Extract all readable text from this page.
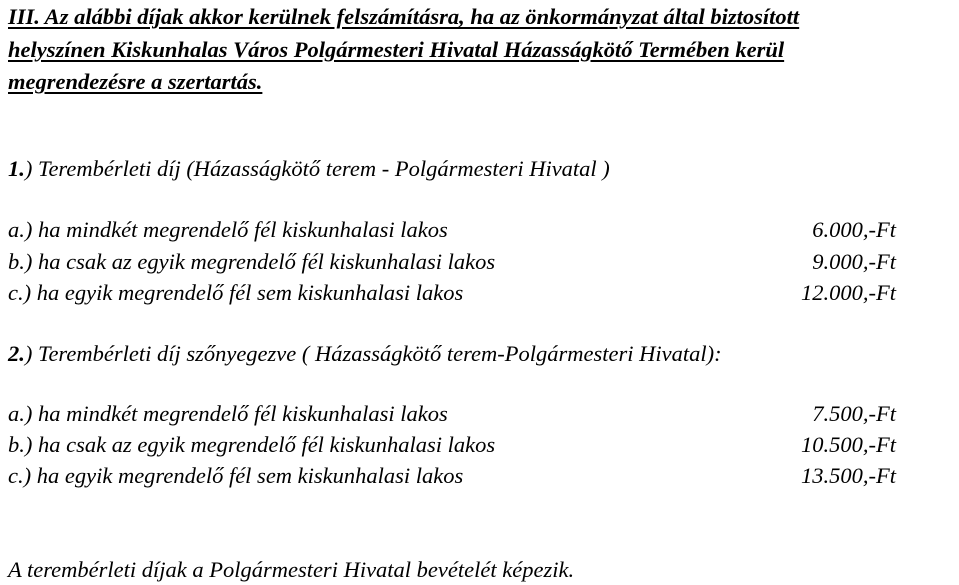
III. Az alábbi díjak akkor kerülnek felszámításra, ha az önkormányzat által biztosított
helyszínen Kiskunhalas Város Polgármesteri Hivatal Házasságkötő Termében kerül
megrendezésre a szertartás.
1.) Terembérleti díj (Házasságkötő terem - Polgármesteri Hivatal )
a.) ha mindkét megrendelő fél kiskunhalasi lakos	6.000,-Ft
b.) ha csak az egyik megrendelő fél kiskunhalasi lakos	9.000,-Ft
c.) ha egyik megrendelő fél sem kiskunhalasi lakos	12.000,-Ft
2.) Terembérleti díj szőnyegezve ( Házasságkötő terem-Polgármesteri Hivatal):
a.) ha mindkét megrendelő fél kiskunhalasi lakos	7.500,-Ft
b.) ha csak az egyik megrendelő fél kiskunhalasi lakos	10.500,-Ft
c.) ha egyik megrendelő fél sem kiskunhalasi lakos	13.500,-Ft
A terembérleti díjak a Polgármesteri Hivatal bevételét képezik.
